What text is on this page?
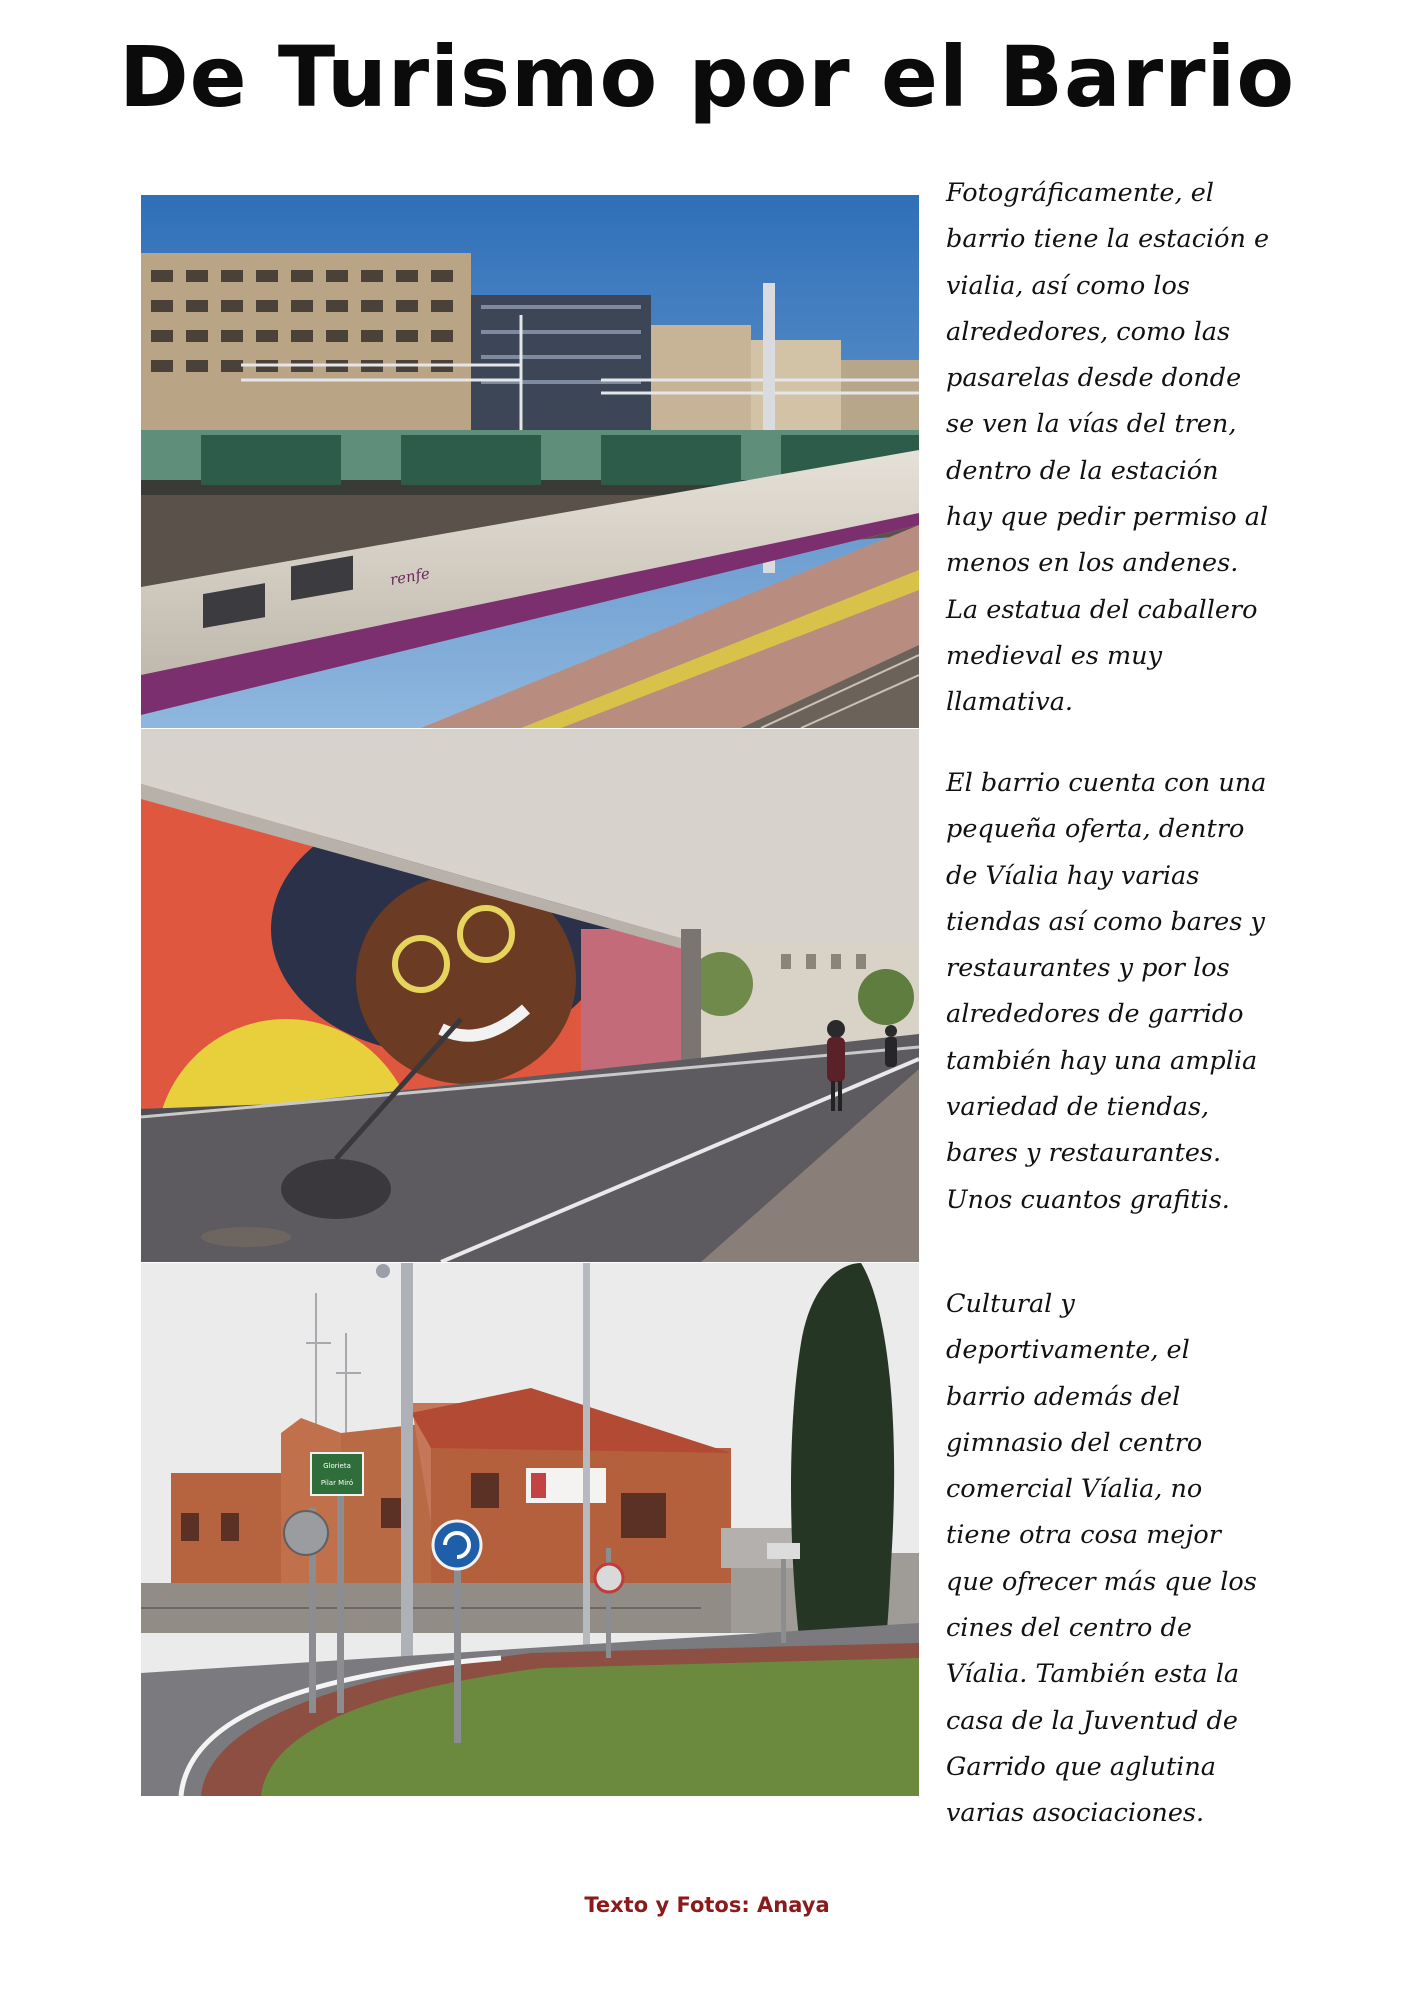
De Turismo por el Barrio
renfe
Glorieta
Pilar Miró

Fotográficamente, el
barrio tiene la estación e
vialia, así como los
alrededores, como las
pasarelas desde donde
se ven la vías del tren,
dentro de la estación
hay que pedir permiso al
menos en los andenes.
La estatua del caballero
medieval es muy
llamativa.

El barrio cuenta con una
pequeña oferta, dentro
de Víalia hay varias
tiendas así como bares y
restaurantes y por los
alrededores de garrido
también hay una amplia
variedad de tiendas,
bares y restaurantes.
Unos cuantos grafitis.

Cultural y
deportivamente, el
barrio además del
gimnasio del centro
comercial Víalia, no
tiene otra cosa mejor
que ofrecer más que los
cines del centro de
Víalia. También esta la
casa de la Juventud de
Garrido que aglutina
varias asociaciones.

Texto y Fotos: Anaya
